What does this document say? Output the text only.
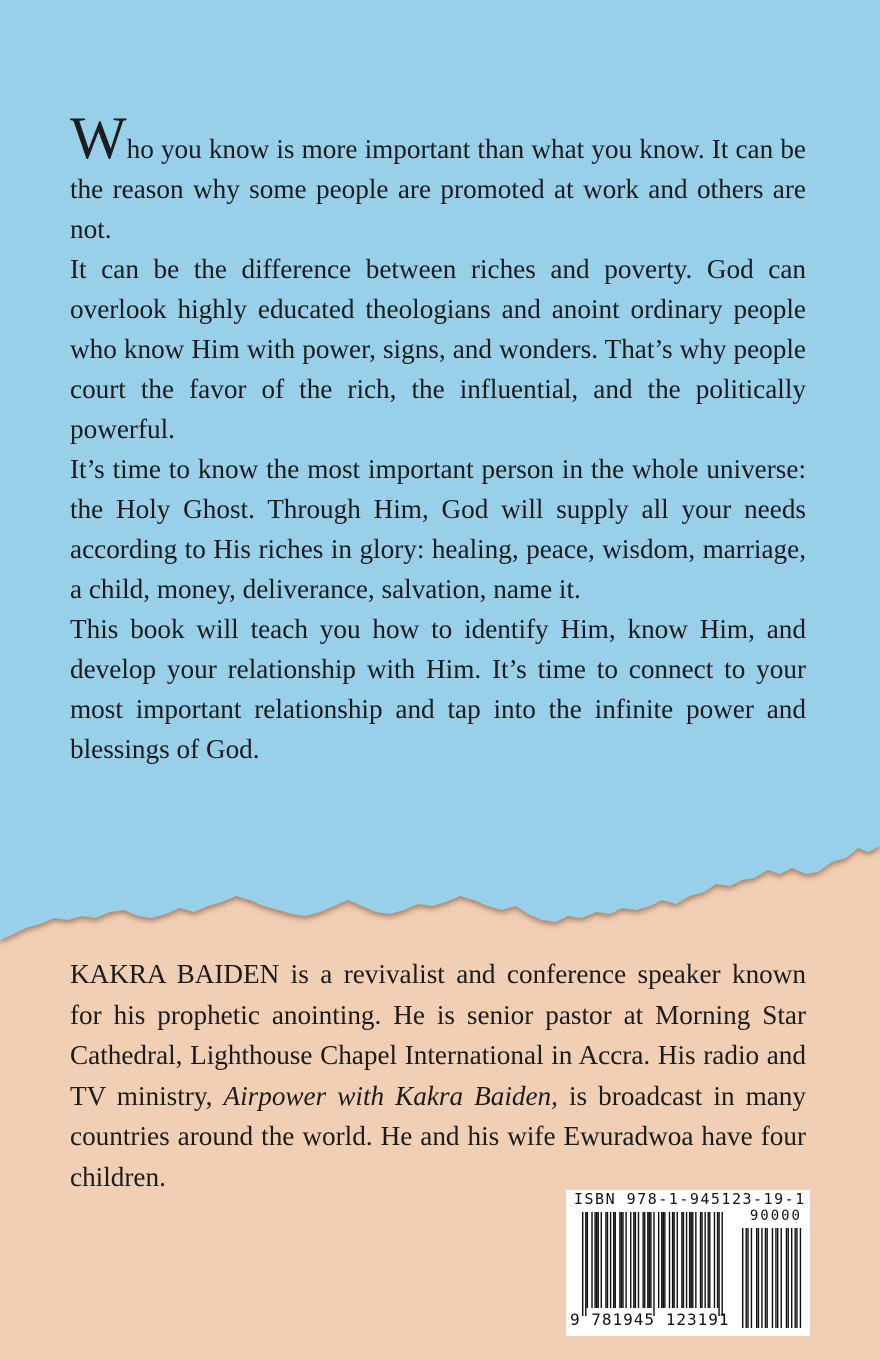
Who you know is more important than what you know. It can be the reason why some people are promoted at work and others are not.

It can be the difference between riches and poverty. God can overlook highly educated theologians and anoint ordinary people who know Him with power, signs, and wonders. That’s why people court the favor of the rich, the influential, and the politically powerful.

It’s time to know the most important person in the whole universe: the Holy Ghost. Through Him, God will supply all your needs according to His riches in glory: healing, peace, wisdom, marriage, a child, money, deliverance, salvation, name it.

This book will teach you how to identify Him, know Him, and develop your relationship with Him. It’s time to connect to your most important relationship and tap into the infinite power and blessings of God.

KAKRA BAIDEN is a revivalist and conference speaker known for his prophetic anointing. He is senior pastor at Morning Star Cathedral, Lighthouse Chapel International in Accra. His radio and TV ministry, Airpower with Kakra Baiden, is broadcast in many countries around the world. He and his wife Ewuradwoa have four children.

ISBN 978-1-945123-19-1
90000
9 781945 123191
